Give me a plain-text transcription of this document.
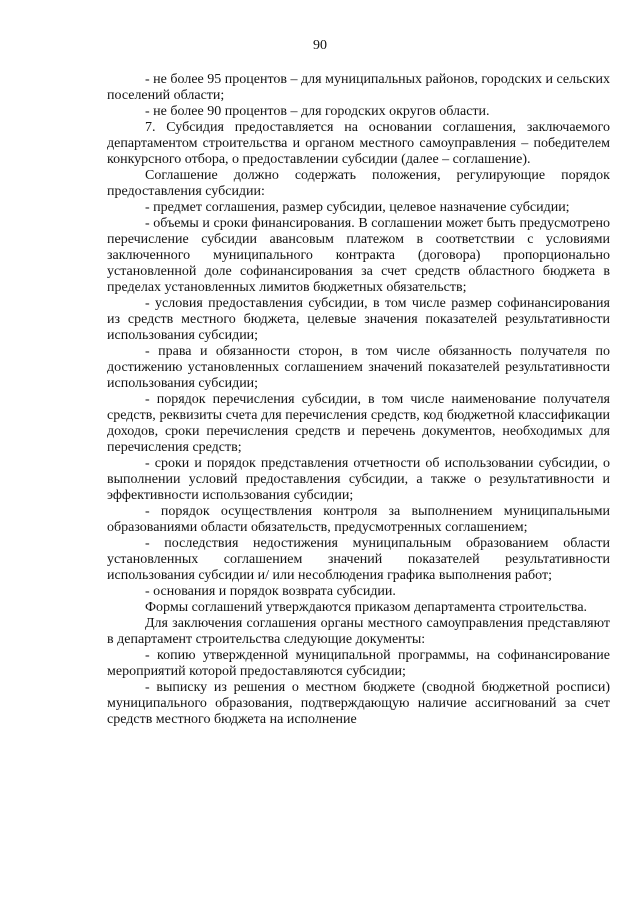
90

- не более 95 процентов – для муниципальных районов, городских и сельских поселений области;

- не более 90 процентов – для городских округов области.

7. Субсидия предоставляется на основании соглашения, заключаемого департаментом строительства и органом местного самоуправления – победителем конкурсного отбора, о предоставлении субсидии (далее – соглашение).

Соглашение должно содержать положения, регулирующие порядок предоставления субсидии:

- предмет соглашения, размер субсидии, целевое назначение субсидии;

- объемы и сроки финансирования. В соглашении может быть предусмотрено перечисление субсидии авансовым платежом в соответствии с условиями заключенного муниципального контракта (договора) пропорционально установленной доле софинансирования за счет средств областного бюджета в пределах установленных лимитов бюджетных обязательств;

- условия предоставления субсидии, в том числе размер софинансирования из средств местного бюджета, целевые значения показателей результативности использования субсидии;

- права и обязанности сторон, в том числе обязанность получателя по достижению установленных соглашением значений показателей результативности использования субсидии;

- порядок перечисления субсидии, в том числе наименование получателя средств, реквизиты счета для перечисления средств, код бюджетной классификации доходов, сроки перечисления средств и перечень документов, необходимых для перечисления средств;

- сроки и порядок представления отчетности об использовании субсидии, о выполнении условий предоставления субсидии, а также о результативности и эффективности использования субсидии;

- порядок осуществления контроля за выполнением муниципальными образованиями области обязательств, предусмотренных соглашением;

- последствия недостижения муниципальным образованием области установленных соглашением значений показателей результативности использования субсидии и/ или несоблюдения графика выполнения работ;

- основания и порядок возврата субсидии.

Формы соглашений утверждаются приказом департамента строительства.

Для заключения соглашения органы местного самоуправления представляют в департамент строительства следующие документы:

- копию утвержденной муниципальной программы, на софинансирование мероприятий которой предоставляются субсидии;

- выписку из решения о местном бюджете (сводной бюджетной росписи) муниципального образования, подтверждающую наличие ассигнований за счет средств местного бюджета на исполнение
